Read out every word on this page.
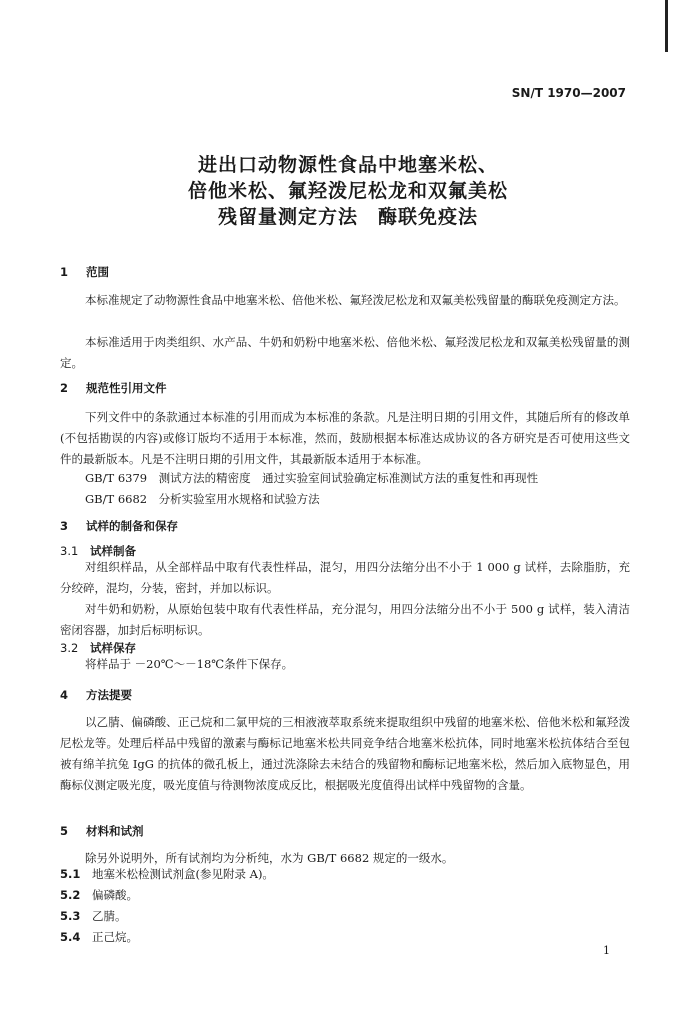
SN/T 1970—2007
进出口动物源性食品中地塞米松、
倍他米松、氟羟泼尼松龙和双氟美松
残留量测定方法　酶联免疫法
1 范围
本标准规定了动物源性食品中地塞米松、倍他米松、氟羟泼尼松龙和双氟美松残留量的酶联免疫测定方法。
本标准适用于肉类组织、水产品、牛奶和奶粉中地塞米松、倍他米松、氟羟泼尼松龙和双氟美松残留量的测定。
2 规范性引用文件
下列文件中的条款通过本标准的引用而成为本标准的条款。凡是注明日期的引用文件，其随后所有的修改单(不包括勘误的内容)或修订版均不适用于本标准，然而，鼓励根据本标准达成协议的各方研究是否可使用这些文件的最新版本。凡是不注明日期的引用文件，其最新版本适用于本标准。
GB/T 6379　测试方法的精密度　通过实验室间试验确定标准测试方法的重复性和再现性
GB/T 6682　分析实验室用水规格和试验方法
3 试样的制备和保存
3.1 试样制备
对组织样品，从全部样品中取有代表性样品，混匀，用四分法缩分出不小于 1 000 g 试样，去除脂肪，充分绞碎，混均，分装，密封，并加以标识。
对牛奶和奶粉，从原始包装中取有代表性样品，充分混匀，用四分法缩分出不小于 500 g 试样，装入清洁密闭容器，加封后标明标识。
3.2 试样保存
将样品于 －20℃～－18℃条件下保存。
4 方法提要
以乙腈、偏磷酸、正己烷和二氯甲烷的三相液液萃取系统来提取组织中残留的地塞米松、倍他米松和氟羟泼尼松龙等。处理后样品中残留的激素与酶标记地塞米松共同竞争结合地塞米松抗体，同时地塞米松抗体结合至包被有绵羊抗兔 IgG 的抗体的微孔板上，通过洗涤除去未结合的残留物和酶标记地塞米松，然后加入底物显色，用酶标仪测定吸光度，吸光度值与待测物浓度成反比，根据吸光度值得出试样中残留物的含量。
5 材料和试剂
除另外说明外，所有试剂均为分析纯，水为 GB/T 6682 规定的一级水。
5.1 地塞米松检测试剂盒(参见附录 A)。
5.2 偏磷酸。
5.3 乙腈。
5.4 正己烷。
1
